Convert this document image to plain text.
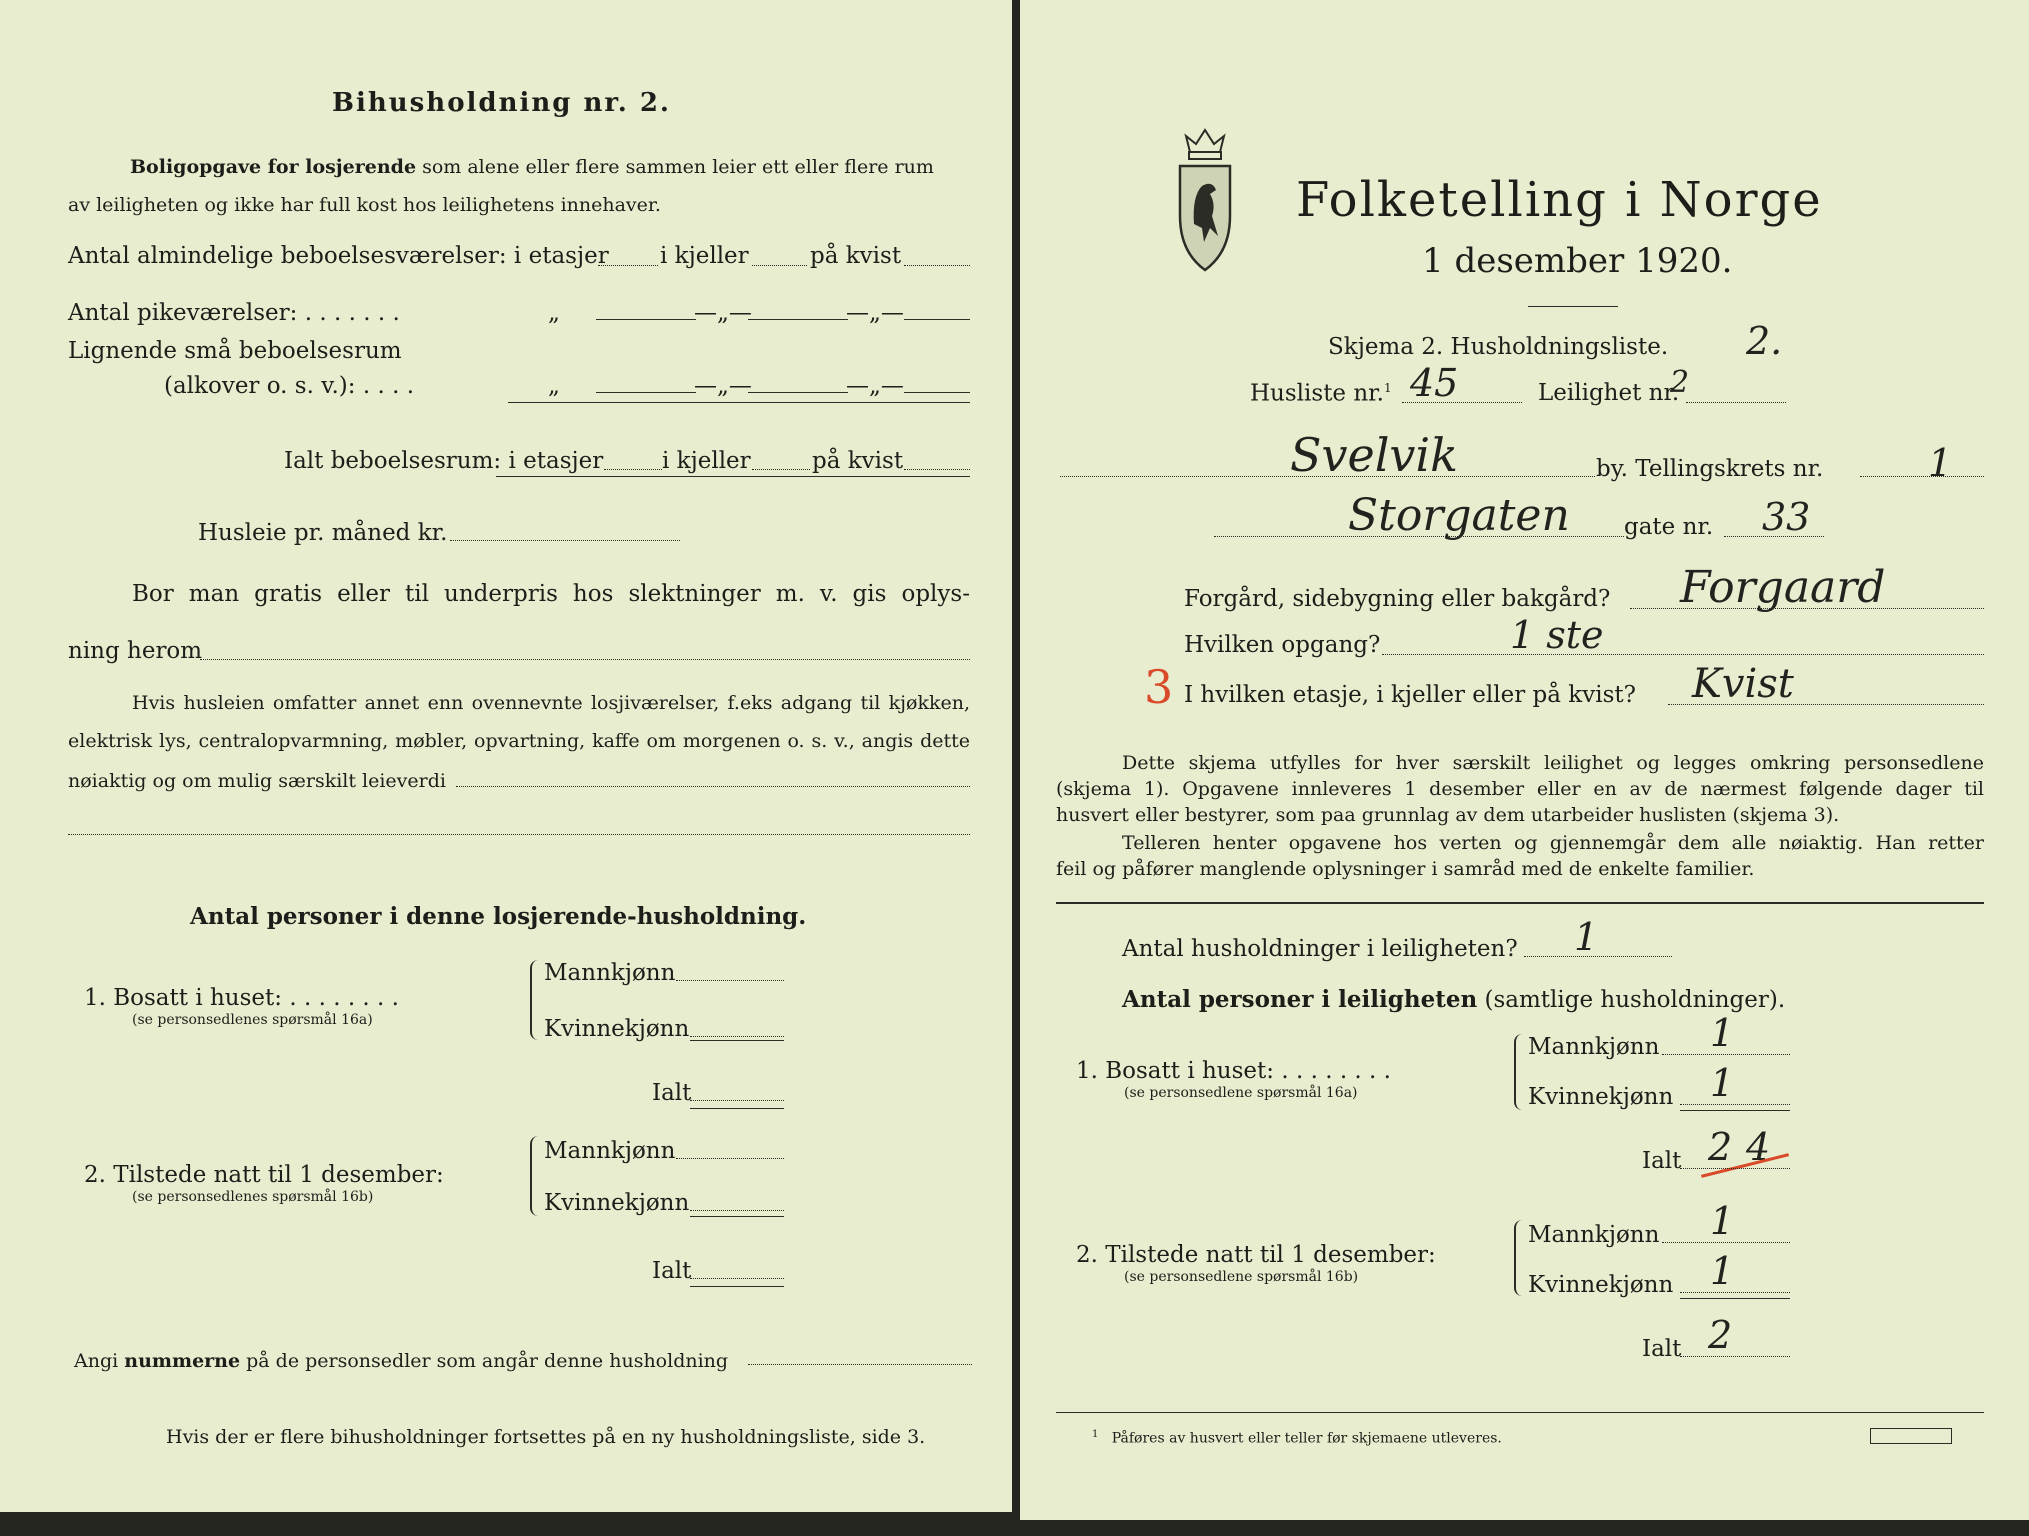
Bihusholdning nr. 2.
Boligopgave for losjerende som alene eller flere sammen leier ett eller flere rum
av leiligheten og ikke har full kost hos leilighetens innehaver.
Antal almindelige beboelsesværelser: i etasjer i kjeller	på kvist
Antal pikeværelser: . . . . . . .	„	—„—	—„—
Lignende små beboelsesrum
(alkover o. s. v.): . . . .	„	—„—	—„—
Ialt beboelsesrum: i etasjer	i kjeller	på kvist
Husleie pr. måned kr.
Bor man gratis eller til underpris hos slektninger m. v. gis oplys-
ning herom
Hvis husleien omfatter annet enn ovennevnte losjiværelser, f.eks adgang til kjøkken,
elektrisk lys, centralopvarmning, møbler, opvartning, kaffe om morgenen o. s. v., angis dette
nøiaktig og om mulig særskilt leieverdi
Antal personer i denne losjerende-husholdning.
1. Bosatt i huset: . . . . . . . .
(se personsedlenes spørsmål 16a)
Mannkjønn
Kvinnekjønn
Ialt
2. Tilstede natt til 1 desember:
(se personsedlenes spørsmål 16b)
Mannkjønn
Kvinnekjønn
Ialt
Angi nummerne på de personsedler som angår denne husholdning
Hvis der er flere bihusholdninger fortsettes på en ny husholdningsliste, side 3.
Folketelling i Norge
1 desember 1920.
Skjema 2. Husholdningsliste. 2.
Husliste nr.$^1$ 45	Leilighet nr.
2
Svelvik	by. Tellingskrets nr.	1
Storgaten gate nr. 33
Forgård, sidebygning eller bakgård? Forgaard
Hvilken opgang?	1 ste
3 I hvilken etasje, i kjeller eller på kvist? Kvist
Dette skjema utfylles for hver særskilt leilighet og legges omkring personsedlene
(skjema 1). Opgavene innleveres 1 desember eller en av de nærmest følgende dager til
husvert eller bestyrer, som paa grunnlag av dem utarbeider huslisten (skjema 3).
Telleren henter opgavene hos verten og gjennemgår dem alle nøiaktig. Han retter
feil og påfører manglende oplysninger i samråd med de enkelte familier.
Antal husholdninger i leiligheten? 1
Antal personer i leiligheten (samtlige husholdninger).
1. Bosatt i huset: . . . . . . . .
(se personsedlene spørsmål 16a)
Mannkjønn 1
Kvinnekjønn 1
Ialt 2 4
2. Tilstede natt til 1 desember:
(se personsedlene spørsmål 16b)
Mannkjønn 1
Kvinnekjønn 1
Ialt 2
$^1$ Påføres av husvert eller teller før skjemaene utleveres.
